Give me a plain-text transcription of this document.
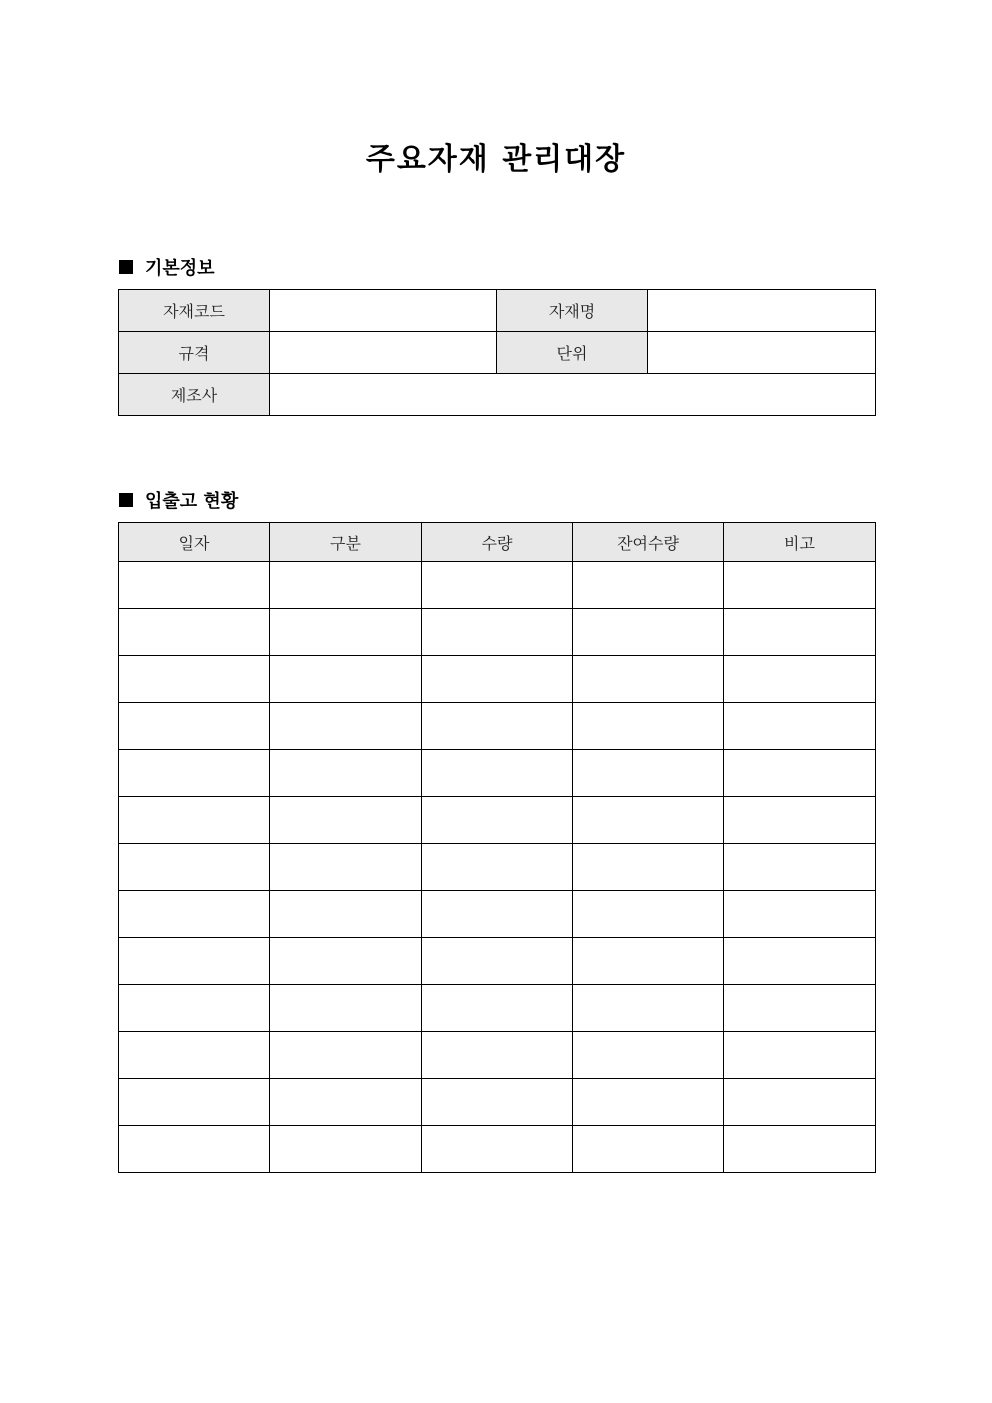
주요자재 관리대장
기본정보
자재코드		자재명	
규격		단위	
제조사			
입출고 현황
일자	구분	수량	잔여수량	비고
